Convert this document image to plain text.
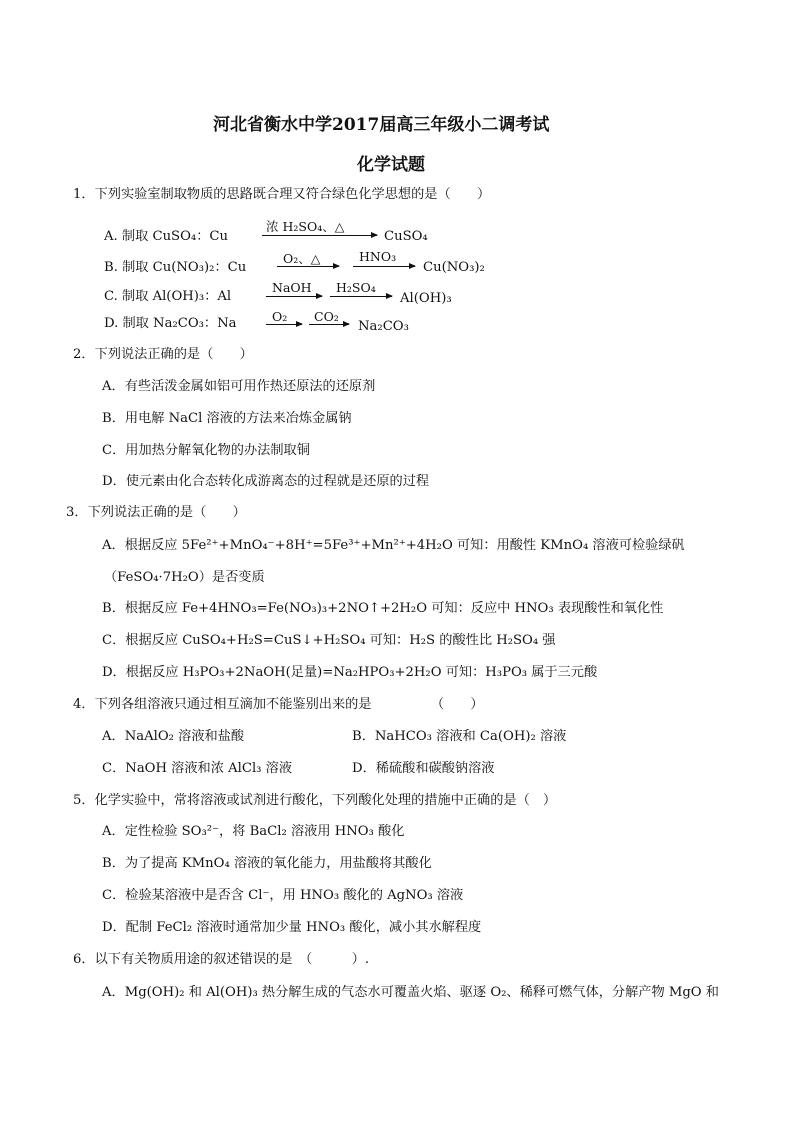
河北省衡水中学2017届高三年级小二调考试
化学试题
1．下列实验室制取物质的思路既合理又符合绿色化学思想的是（　　）
A. 制取 CuSO₄：Cu
浓 H₂SO₄、△
CuSO₄
B. 制取 Cu(NO₃)₂：Cu
O₂、△	HNO₃
Cu(NO₃)₂
C. 制取 Al(OH)₃：Al
NaOH H₂SO₄
Al(OH)₃
D. 制取 Na₂CO₃：Na	O₂ CO₂
Na₂CO₃
2．下列说法正确的是（　　）
A．有些活泼金属如铝可用作热还原法的还原剂
B．用电解 NaCl 溶液的方法来冶炼金属钠
C．用加热分解氧化物的办法制取铜
D．使元素由化合态转化成游离态的过程就是还原的过程
3．下列说法正确的是（　　）
A．根据反应 5Fe²⁺+MnO₄⁻+8H⁺=5Fe³⁺+Mn²⁺+4H₂O 可知：用酸性 KMnO₄ 溶液可检验绿矾
（FeSO₄·7H₂O）是否变质
B．根据反应 Fe+4HNO₃=Fe(NO₃)₃+2NO↑+2H₂O 可知：反应中 HNO₃ 表现酸性和氧化性
C．根据反应 CuSO₄+H₂S=CuS↓+H₂SO₄ 可知：H₂S 的酸性比 H₂SO₄ 强
D．根据反应 H₃PO₃+2NaOH(足量)=Na₂HPO₃+2H₂O 可知：H₃PO₃ 属于三元酸
4．下列各组溶液只通过相互滴加不能鉴别出来的是　　　　　（　　）
A．NaAlO₂ 溶液和盐酸	B．NaHCO₃ 溶液和 Ca(OH)₂ 溶液
C．NaOH 溶液和浓 AlCl₃ 溶液	D．稀硫酸和碳酸钠溶液
5．化学实验中，常将溶液或试剂进行酸化，下列酸化处理的措施中正确的是（　）
A．定性检验 SO₃²⁻，将 BaCl₂ 溶液用 HNO₃ 酸化
B．为了提高 KMnO₄ 溶液的氧化能力，用盐酸将其酸化
C．检验某溶液中是否含 Cl⁻，用 HNO₃ 酸化的 AgNO₃ 溶液
D．配制 FeCl₂ 溶液时通常加少量 HNO₃ 酸化，减小其水解程度
6．以下有关物质用途的叙述错误的是　（　　　）.
A．Mg(OH)₂ 和 Al(OH)₃ 热分解生成的气态水可覆盖火焰、驱逐 O₂、稀释可燃气体，分解产物 MgO 和
